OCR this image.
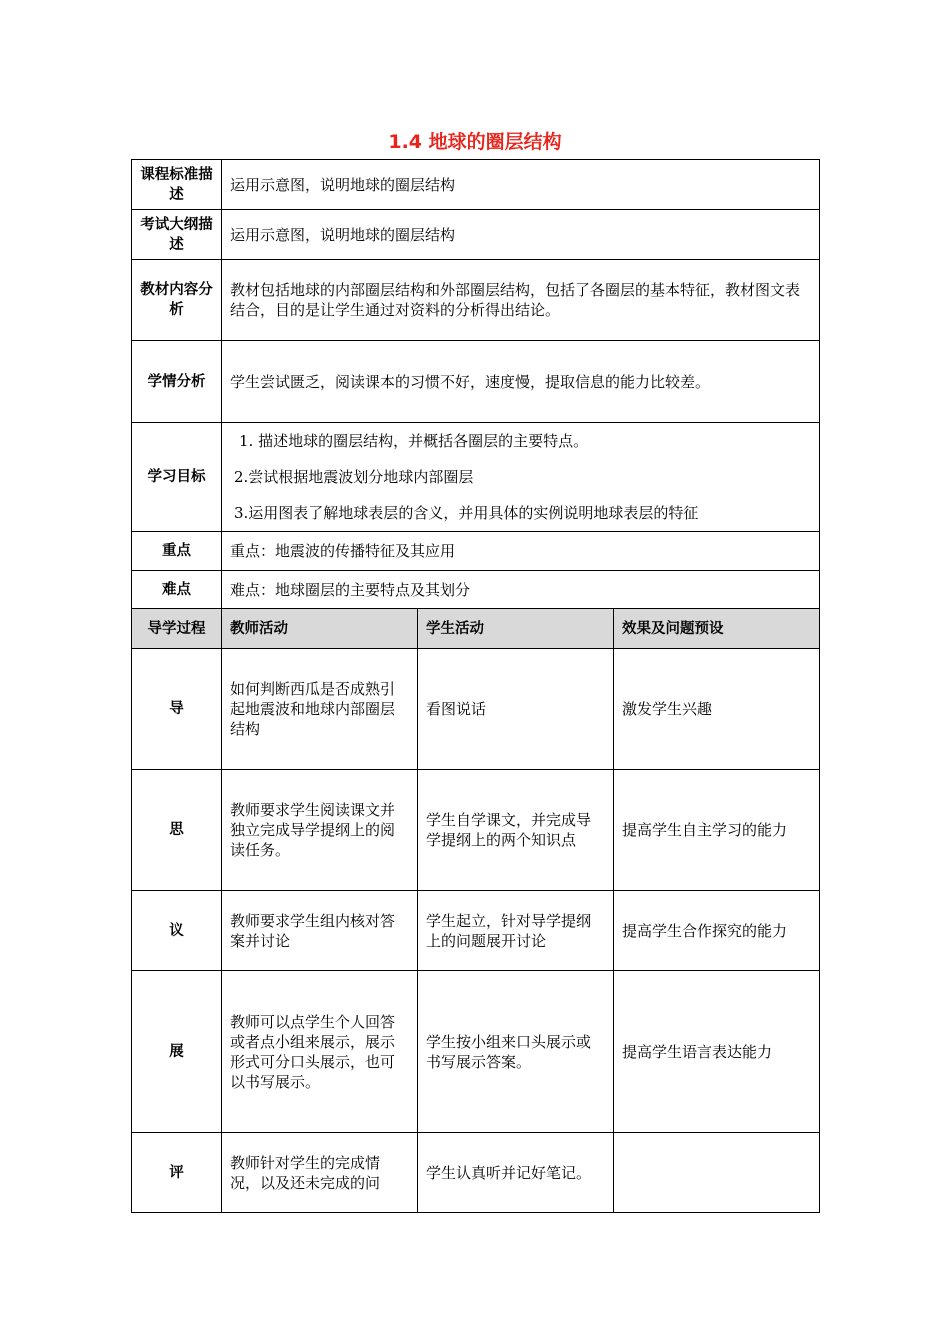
1.4 地球的圈层结构
课程标准描述	运用示意图，说明地球的圈层结构		
考试大纲描述	运用示意图，说明地球的圈层结构		
教材内容分析	教材包括地球的内部圈层结构和外部圈层结构，包括了各圈层的基本特征，教材图文表结合，目的是让学生通过对资料的分析得出结论。		
学情分析	学生尝试匮乏，阅读课本的习惯不好，速度慢，提取信息的能力比较差。		
学习目标	1. 描述地球的圈层结构，并概括各圈层的主要特点。
2.尝试根据地震波划分地球内部圈层
3.运用图表了解地球表层的含义，并用具体的实例说明地球表层的特征		

重点	重点：地震波的传播特征及其应用		
难点	难点：地球圈层的主要特点及其划分		
导学过程	教师活动	学生活动	效果及问题预设
导	如何判断西瓜是否成熟引起地震波和地球内部圈层结构	看图说话	激发学生兴趣
思	教师要求学生阅读课文并独立完成导学提纲上的阅读任务。	学生自学课文，并完成导学提纲上的两个知识点	提高学生自主学习的能力
议	教师要求学生组内核对答案并讨论	学生起立，针对导学提纲上的问题展开讨论	提高学生合作探究的能力
展	教师可以点学生个人回答或者点小组来展示，展示形式可分口头展示，也可以书写展示。	学生按小组来口头展示或书写展示答案。	提高学生语言表达能力
评	教师针对学生的完成情况，以及还未完成的问	学生认真听并记好笔记。	
